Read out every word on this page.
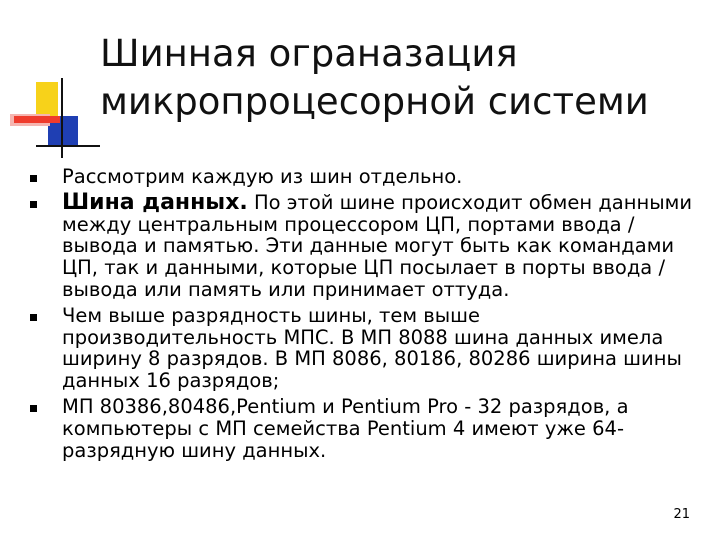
Шинная ограназация
микропроцесорной системи
Рассмотрим каждую из шин отдельно.
Шина данных. По этой шине происходит обмен данными между центральным процессором ЦП, портами ввода /вывода и памятью. Эти данные могут быть как командами ЦП, так и данными, которые ЦП посылает в порты ввода /вывода или память или принимает оттуда.
Чем выше разрядность шины, тем выше производительность МПС. В МП 8088 шина данных имела ширину 8 разрядов. В МП 8086, 80186, 80286 ширина шины данных 16 разрядов;
МП 80386,80486,Pentium и Pentium Pro - 32 разрядов, а компьютеры с МП семейства Pentium 4 имеют уже 64-разрядную шину данных.
21
